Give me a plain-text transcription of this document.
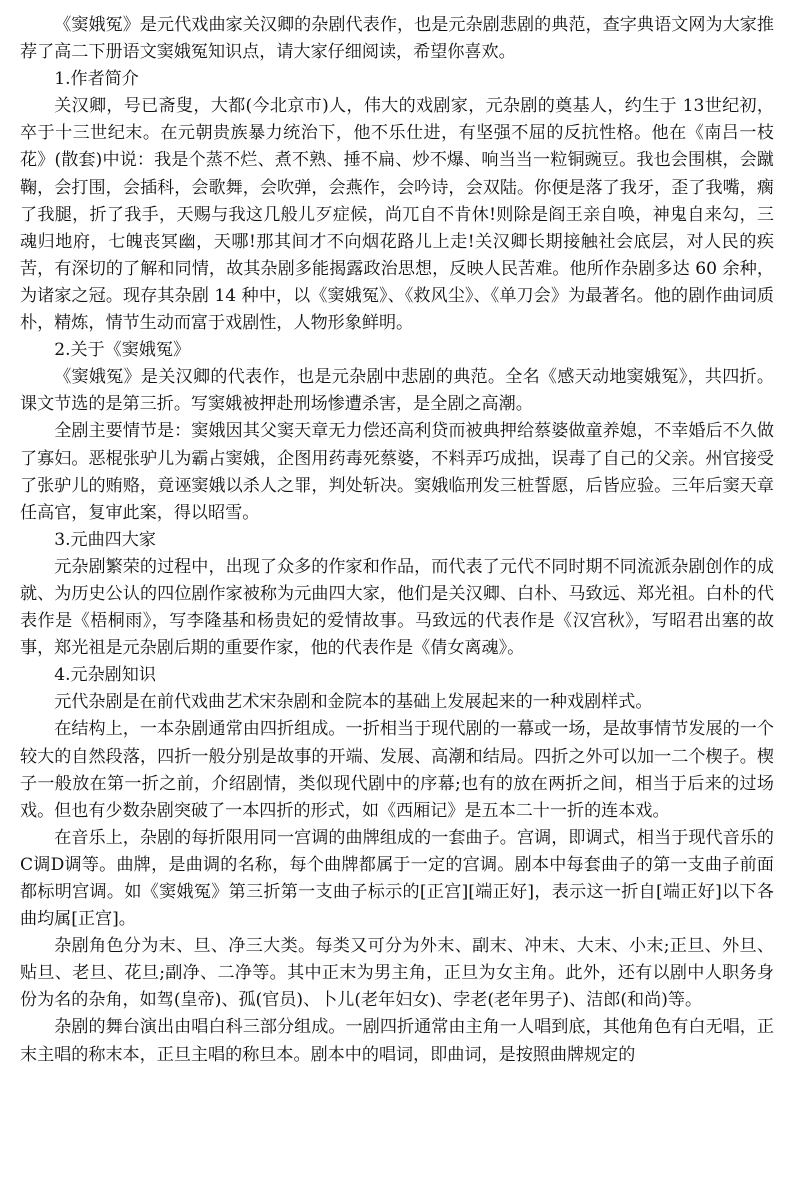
《窦娥冤》是元代戏曲家关汉卿的杂剧代表作，也是元杂剧悲剧的典范，查字典语文网为大家推荐了高二下册语文窦娥冤知识点，请大家仔细阅读，希望你喜欢。

1.作者简介

关汉卿，号已斋叟，大都(今北京市)人，伟大的戏剧家，元杂剧的奠基人，约生于 13世纪初，卒于十三世纪末。在元朝贵族暴力统治下，他不乐仕进，有坚强不屈的反抗性格。他在《南吕一枝花》(散套)中说：我是个蒸不烂、煮不熟、捶不扁、炒不爆、响当当一粒铜豌豆。我也会围棋，会蹴鞠，会打围，会插科，会歌舞，会吹弹，会燕作，会吟诗，会双陆。你便是落了我牙，歪了我嘴，瘸了我腿，折了我手，天赐与我这几般儿歹症候，尚兀自不肯休!则除是阎王亲自唤，神鬼自来勾，三魂归地府，七魄丧冥幽，天哪!那其间才不向烟花路儿上走!关汉卿长期接触社会底层，对人民的疾苦，有深切的了解和同情，故其杂剧多能揭露政治思想，反映人民苦难。他所作杂剧多达 60 余种，为诸家之冠。现存其杂剧 14 种中，以《窦娥冤》、《救风尘》、《单刀会》为最著名。他的剧作曲词质朴，精炼，情节生动而富于戏剧性，人物形象鲜明。

2.关于《窦娥冤》

《窦娥冤》是关汉卿的代表作，也是元杂剧中悲剧的典范。全名《感天动地窦娥冤》，共四折。课文节选的是第三折。写窦娥被押赴刑场惨遭杀害，是全剧之高潮。

全剧主要情节是：窦娥因其父窦天章无力偿还高利贷而被典押给蔡婆做童养媳，不幸婚后不久做了寡妇。恶棍张驴儿为霸占窦娥，企图用药毒死蔡婆，不料弄巧成拙，误毒了自己的父亲。州官接受了张驴儿的贿赂，竟诬窦娥以杀人之罪，判处斩决。窦娥临刑发三桩誓愿，后皆应验。三年后窦天章任高官，复审此案，得以昭雪。

3.元曲四大家

元杂剧繁荣的过程中，出现了众多的作家和作品，而代表了元代不同时期不同流派杂剧创作的成就、为历史公认的四位剧作家被称为元曲四大家，他们是关汉卿、白朴、马致远、郑光祖。白朴的代表作是《梧桐雨》，写李隆基和杨贵妃的爱情故事。马致远的代表作是《汉宫秋》，写昭君出塞的故事，郑光祖是元杂剧后期的重要作家，他的代表作是《倩女离魂》。

4.元杂剧知识

元代杂剧是在前代戏曲艺术宋杂剧和金院本的基础上发展起来的一种戏剧样式。

在结构上，一本杂剧通常由四折组成。一折相当于现代剧的一幕或一场，是故事情节发展的一个较大的自然段落，四折一般分别是故事的开端、发展、高潮和结局。四折之外可以加一二个楔子。楔子一般放在第一折之前，介绍剧情，类似现代剧中的序幕;也有的放在两折之间，相当于后来的过场戏。但也有少数杂剧突破了一本四折的形式，如《西厢记》是五本二十一折的连本戏。

在音乐上，杂剧的每折限用同一宫调的曲牌组成的一套曲子。宫调，即调式，相当于现代音乐的C调D调等。曲牌，是曲调的名称，每个曲牌都属于一定的宫调。剧本中每套曲子的第一支曲子前面都标明宫调。如《窦娥冤》第三折第一支曲子标示的[正宫][端正好]，表示这一折自[端正好]以下各曲均属[正宫]。

杂剧角色分为末、旦、净三大类。每类又可分为外末、副末、冲末、大末、小末;正旦、外旦、贴旦、老旦、花旦;副净、二净等。其中正末为男主角，正旦为女主角。此外，还有以剧中人职务身份为名的杂角，如驾(皇帝)、孤(官员)、卜儿(老年妇女)、孛老(老年男子)、洁郎(和尚)等。

杂剧的舞台演出由唱白科三部分组成。一剧四折通常由主角一人唱到底，其他角色有白无唱，正末主唱的称末本，正旦主唱的称旦本。剧本中的唱词，即曲词，是按照曲牌规定的
